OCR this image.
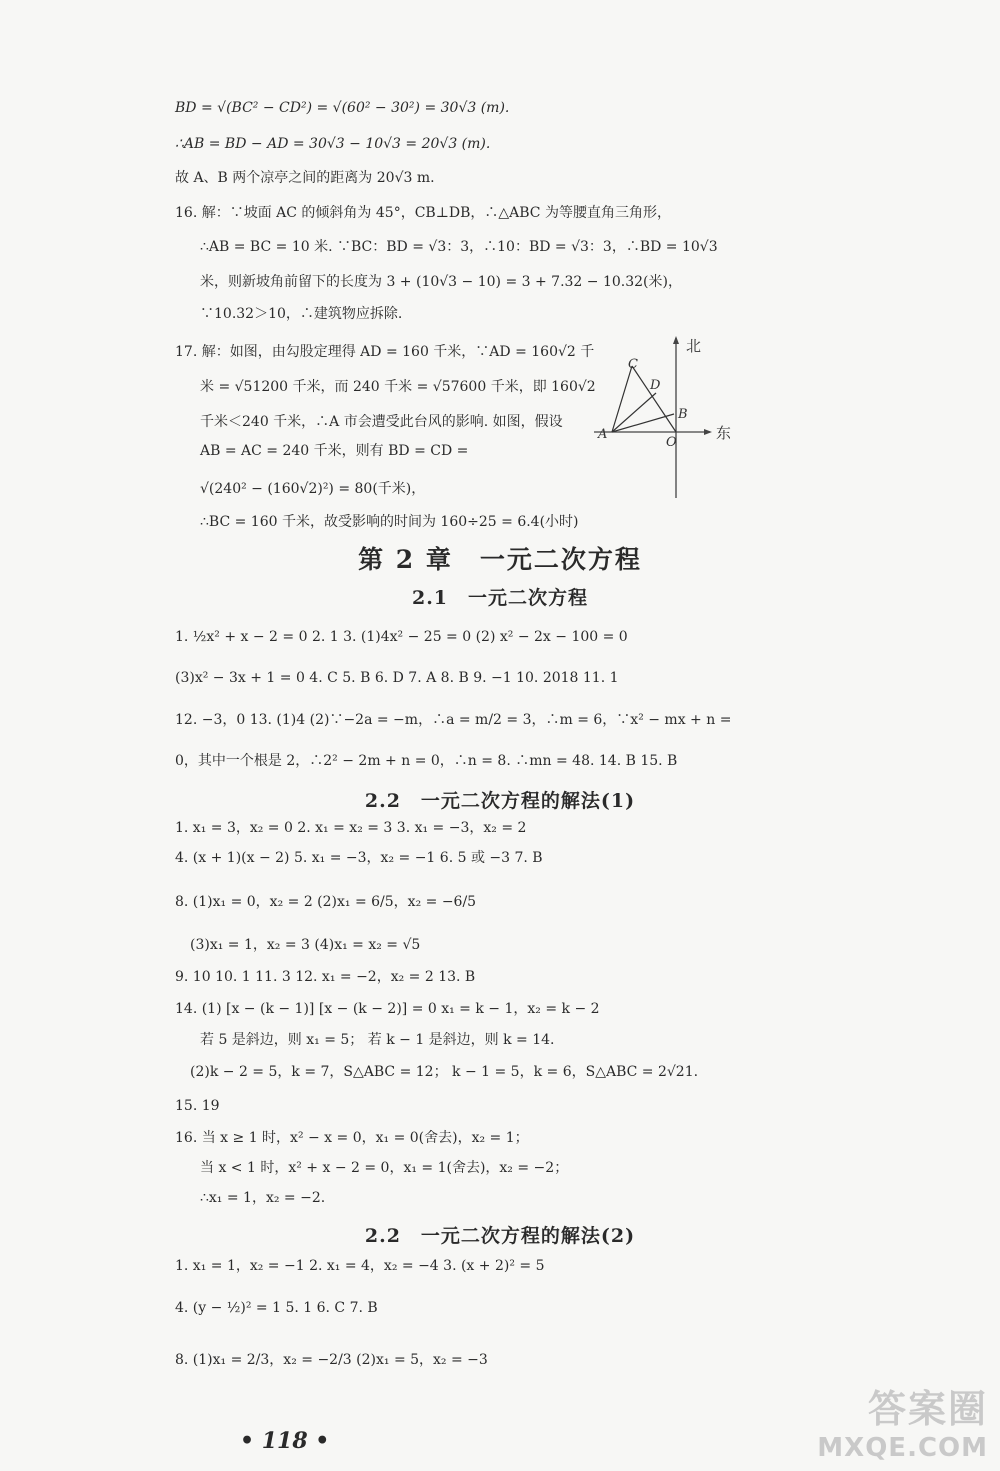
BD = √(BC² − CD²) = √(60² − 30²) = 30√3 (m).
∴AB = BD − AD = 30√3 − 10√3 = 20√3 (m).
故 A、B 两个凉亭之间的距离为 20√3 m.
16. 解：∵坡面 AC 的倾斜角为 45°，CB⊥DB，∴△ABC 为等腰直角三角形，
∴AB = BC = 10 米. ∵BC：BD = √3：3，∴10：BD = √3：3，∴BD = 10√3
米，则新坡角前留下的长度为 3 + (10√3 − 10) = 3 + 7.32 − 10.32(米)，
∵10.32＞10，∴建筑物应拆除.
17. 解：如图，由勾股定理得 AD = 160 千米，∵AD = 160√2 千
米 = √51200 千米，而 240 千米 = √57600 千米，即 160√2
千米＜240 千米，∴A 市会遭受此台风的影响. 如图，假设
AB = AC = 240 千米，则有 BD = CD =
√(240² − (160√2)²) = 80(千米)，
∴BC = 160 千米，故受影响的时间为 160÷25 = 6.4(小时)
北
东
A
B
C
D
O
第 2 章　一元二次方程
2.1　一元二次方程
1. ½x² + x − 2 = 0 2. 1 3. (1)4x² − 25 = 0 (2) x² − 2x − 100 = 0
(3)x² − 3x + 1 = 0 4. C 5. B 6. D 7. A 8. B 9. −1 10. 2018 11. 1
12. −3，0 13. (1)4 (2)∵−2a = −m，∴a = m/2 = 3，∴m = 6，∵x² − mx + n =
0，其中一个根是 2，∴2² − 2m + n = 0，∴n = 8. ∴mn = 48. 14. B 15. B
2.2　一元二次方程的解法(1)
1. x₁ = 3，x₂ = 0 2. x₁ = x₂ = 3 3. x₁ = −3，x₂ = 2
4. (x + 1)(x − 2) 5. x₁ = −3，x₂ = −1 6. 5 或 −3 7. B
8. (1)x₁ = 0，x₂ = 2 (2)x₁ = 6/5，x₂ = −6/5
(3)x₁ = 1，x₂ = 3 (4)x₁ = x₂ = √5
9. 10 10. 1 11. 3 12. x₁ = −2，x₂ = 2 13. B
14. (1) [x − (k − 1)] [x − (k − 2)] = 0 x₁ = k − 1，x₂ = k − 2
若 5 是斜边，则 x₁ = 5； 若 k − 1 是斜边，则 k = 14.
(2)k − 2 = 5，k = 7，S△ABC = 12； k − 1 = 5，k = 6，S△ABC = 2√21.
15. 19
16. 当 x ≥ 1 时，x² − x = 0，x₁ = 0(舍去)，x₂ = 1；
当 x < 1 时，x² + x − 2 = 0，x₁ = 1(舍去)，x₂ = −2；
∴x₁ = 1，x₂ = −2.
2.2　一元二次方程的解法(2)
1. x₁ = 1，x₂ = −1 2. x₁ = 4，x₂ = −4 3. (x + 2)² = 5
4. (y − ½)² = 1 5. 1 6. C 7. B
8. (1)x₁ = 2/3，x₂ = −2/3 (2)x₁ = 5，x₂ = −3
• 118 •
答案圈
MXQE.COM
